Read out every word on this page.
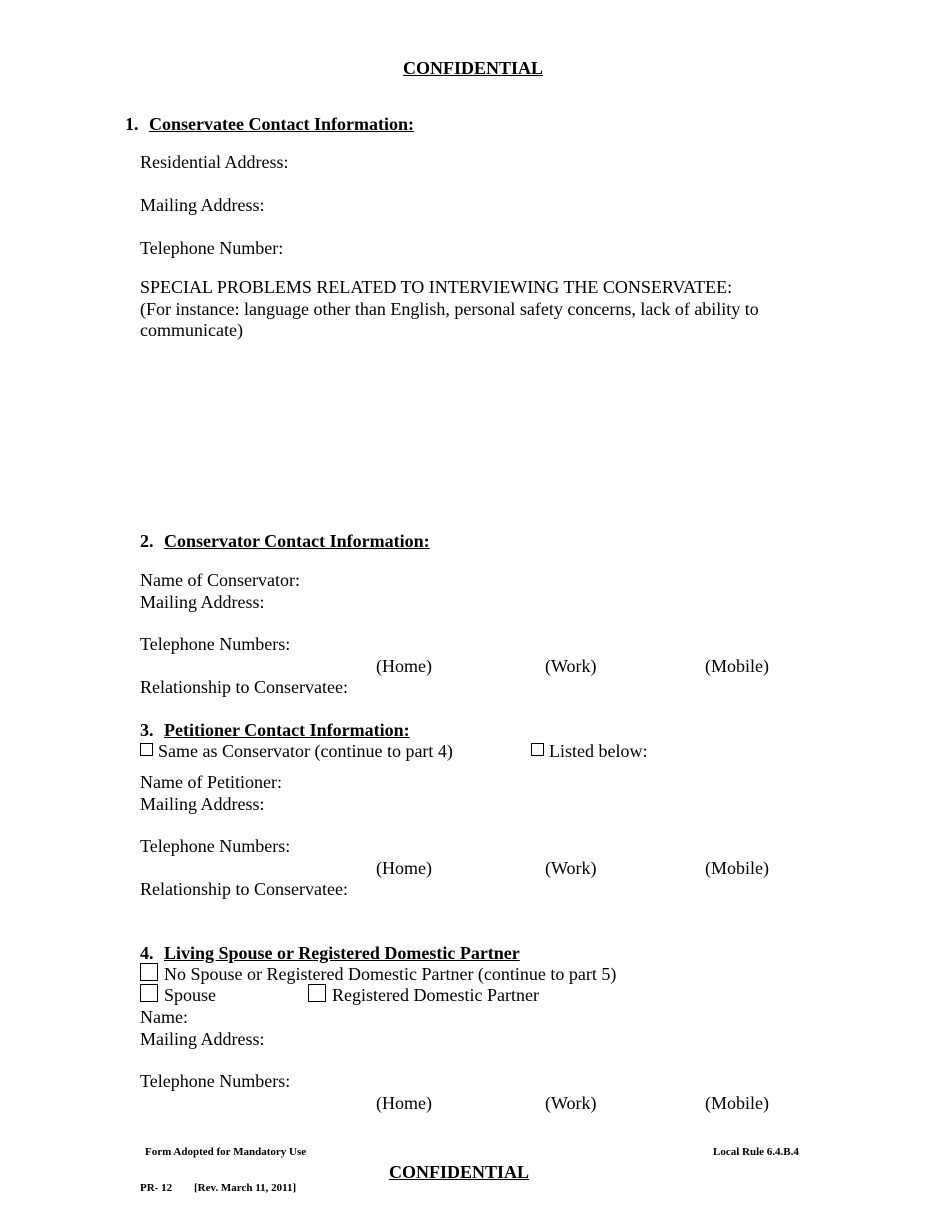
CONFIDENTIAL
1. Conservatee Contact Information:
Residential Address:
Mailing Address:
Telephone Number:
SPECIAL PROBLEMS RELATED TO INTERVIEWING THE CONSERVATEE:
(For instance: language other than English, personal safety concerns, lack of ability to
communicate)
2. Conservator Contact Information:
Name of Conservator:
Mailing Address:
Telephone Numbers:
(Home)	(Work)	(Mobile)
Relationship to Conservatee:
3. Petitioner Contact Information:
Same as Conservator (continue to part 4)	Listed below:
Name of Petitioner:
Mailing Address:
Telephone Numbers:
(Home)	(Work)	(Mobile)
Relationship to Conservatee:
4. Living Spouse or Registered Domestic Partner
No Spouse or Registered Domestic Partner (continue to part 5)
Spouse	Registered Domestic Partner
Name:
Mailing Address:
Telephone Numbers:
(Home)	(Work)	(Mobile)
Form Adopted for Mandatory Use	Local Rule 6.4.B.4
CONFIDENTIAL
PR- 12 [Rev. March 11, 2011]
